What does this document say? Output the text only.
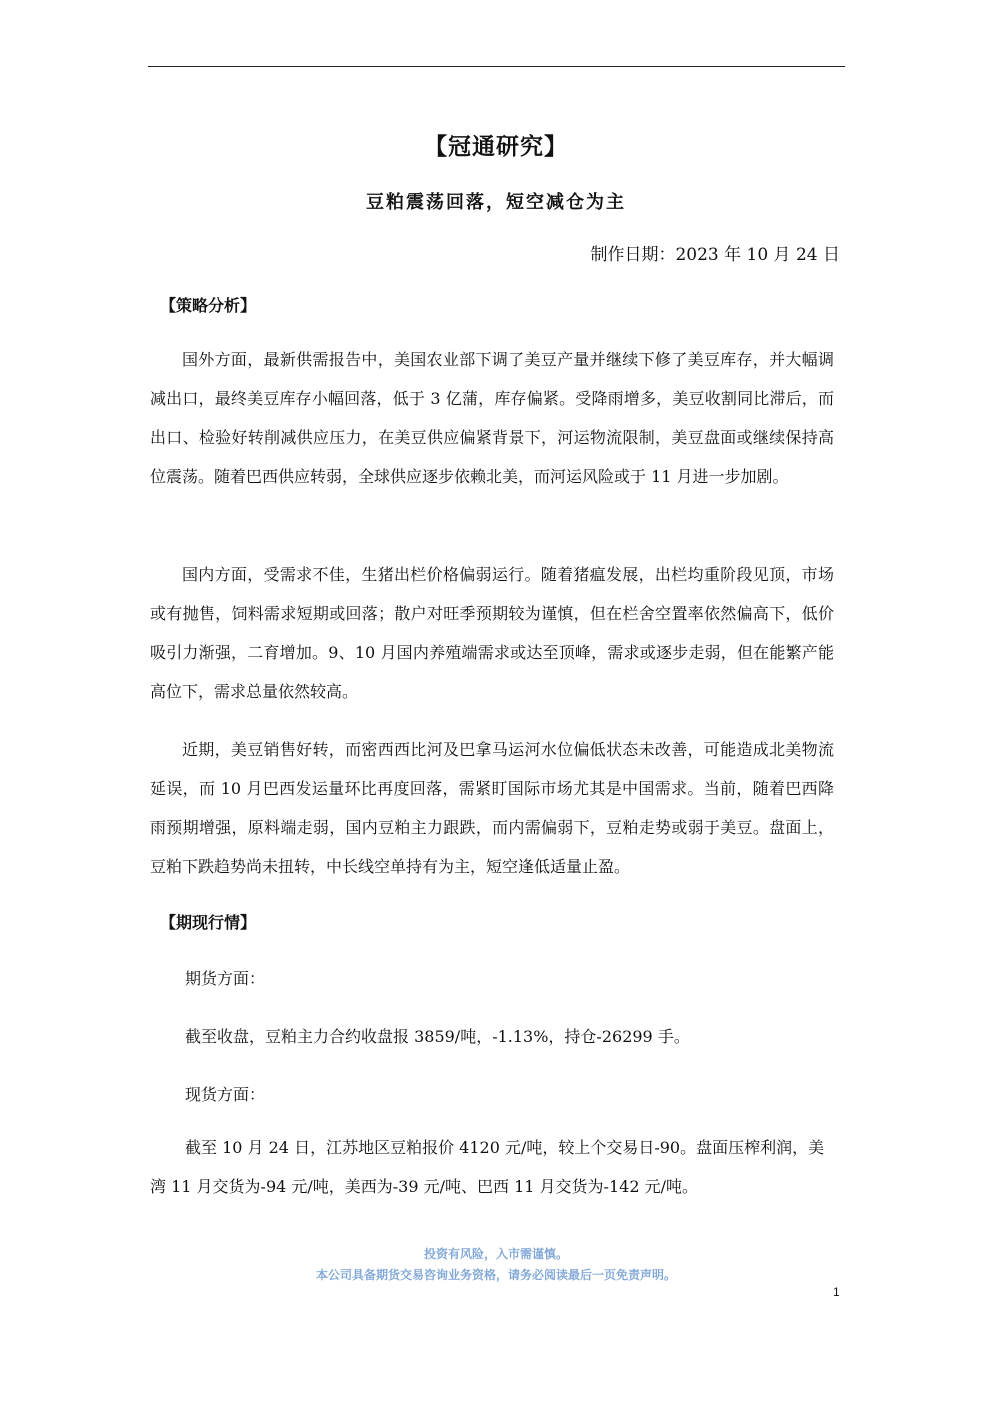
【冠通研究】
豆粕震荡回落，短空减仓为主
制作日期：2023 年 10 月 24 日
【策略分析】
国外方面，最新供需报告中，美国农业部下调了美豆产量并继续下修了美豆库存，并大幅调减出口，最终美豆库存小幅回落，低于 3 亿蒲，库存偏紧。受降雨增多，美豆收割同比滞后，而出口、检验好转削减供应压力，在美豆供应偏紧背景下，河运物流限制，美豆盘面或继续保持高位震荡。随着巴西供应转弱，全球供应逐步依赖北美，而河运风险或于 11 月进一步加剧。
国内方面，受需求不佳，生猪出栏价格偏弱运行。随着猪瘟发展，出栏均重阶段见顶，市场或有抛售，饲料需求短期或回落；散户对旺季预期较为谨慎，但在栏舍空置率依然偏高下，低价吸引力渐强，二育增加。9、10 月国内养殖端需求或达至顶峰，需求或逐步走弱，但在能繁产能高位下，需求总量依然较高。
近期，美豆销售好转，而密西西比河及巴拿马运河水位偏低状态未改善，可能造成北美物流延误，而 10 月巴西发运量环比再度回落，需紧盯国际市场尤其是中国需求。当前，随着巴西降雨预期增强，原料端走弱，国内豆粕主力跟跌，而内需偏弱下，豆粕走势或弱于美豆。盘面上，豆粕下跌趋势尚未扭转，中长线空单持有为主，短空逢低适量止盈。
【期现行情】
期货方面：
截至收盘，豆粕主力合约收盘报 3859/吨，-1.13%，持仓-26299 手。
现货方面：
截至 10 月 24 日，江苏地区豆粕报价 4120 元/吨，较上个交易日-90。盘面压榨利润，美湾 11 月交货为-94 元/吨，美西为-39 元/吨、巴西 11 月交货为-142 元/吨。
投资有风险，入市需谨慎。
本公司具备期货交易咨询业务资格，请务必阅读最后一页免责声明。
1
